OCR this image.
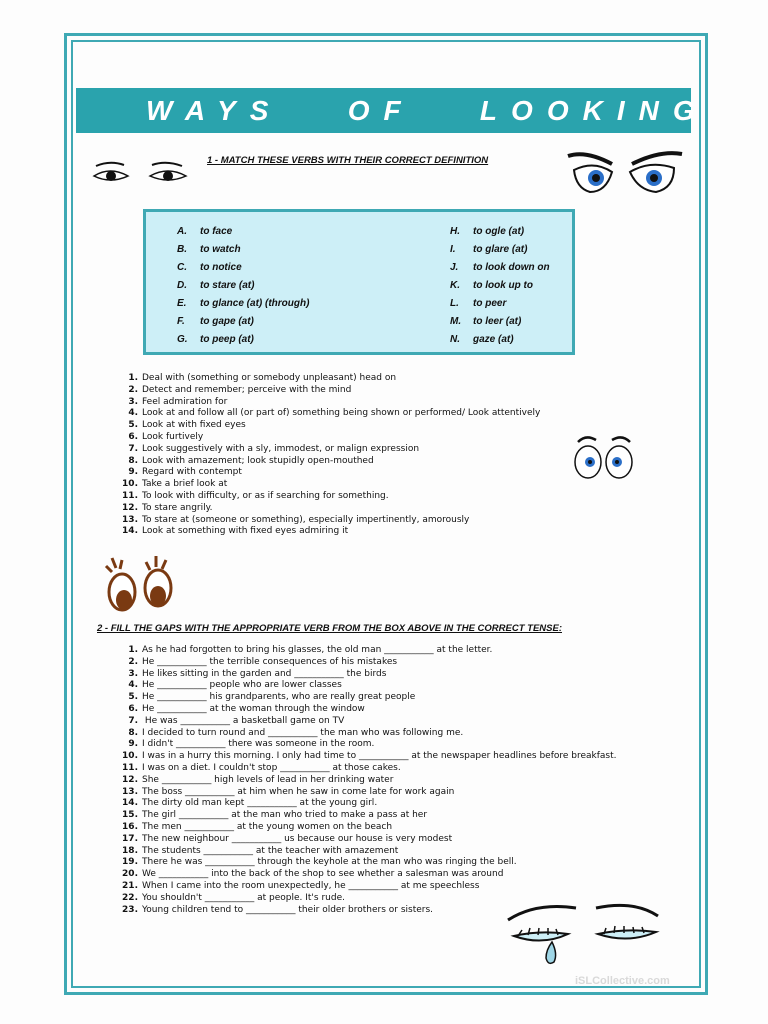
WAYS   OF   LOOKING
1 - MATCH THESE VERBS WITH THEIR CORRECT DEFINITION
A. to face
B. to watch
C. to notice
D. to stare (at)
E. to glance (at) (through)
F. to gape (at)
G. to peep (at)
H. to ogle (at)
I. to glare (at)
J. to look down on
K. to look up to
L. to peer
M. to leer (at)
N. gaze (at)
1. Deal with (something or somebody unpleasant) head on
2. Detect and remember; perceive with the mind
3. Feel admiration for
4. Look at and follow all (or part of) something being shown or performed/ Look attentively
5. Look at with fixed eyes
6. Look furtively
7. Look suggestively with a sly, immodest, or malign expression
8. Look with amazement; look stupidly open-mouthed
9. Regard with contempt
10. Take a brief look at
11. To look with difficulty, or as if searching for something.
12. To stare angrily.
13. To stare at (someone or something), especially impertinently, amorously
14. Look at something with fixed eyes admiring it
2 - FILL THE GAPS WITH THE APPROPRIATE VERB FROM THE BOX ABOVE IN THE CORRECT TENSE:
1. As he had forgotten to bring his glasses, the old man ___________ at the letter.
2. He ___________ the terrible consequences of his mistakes
3. He likes sitting in the garden and ___________ the birds
4. He ___________ people who are lower classes
5. He ___________ his grandparents, who are really great people
6. He ___________ at the woman through the window
7. He was ___________ a basketball game on TV
8. I decided to turn round and ___________ the man who was following me.
9. I didn't ___________ there was someone in the room.
10. I was in a hurry this morning. I only had time to ___________ at the newspaper headlines before breakfast.
11. I was on a diet. I couldn't stop ___________ at those cakes.
12. She ___________ high levels of lead in her drinking water
13. The boss ___________ at him when he saw in come late for work again
14. The dirty old man kept ___________ at the young girl.
15. The girl ___________ at the man who tried to make a pass at her
16. The men ___________ at the young women on the beach
17. The new neighbour ___________ us because our house is very modest
18. The students ___________ at the teacher with amazement
19. There he was ___________ through the keyhole at the man who was ringing the bell.
20. We ___________ into the back of the shop to see whether a salesman was around
21. When I came into the room unexpectedly, he ___________ at me speechless
22. You shouldn't ___________ at people. It's rude.
23. Young children tend to ___________ their older brothers or sisters.
iSLCollective.com
